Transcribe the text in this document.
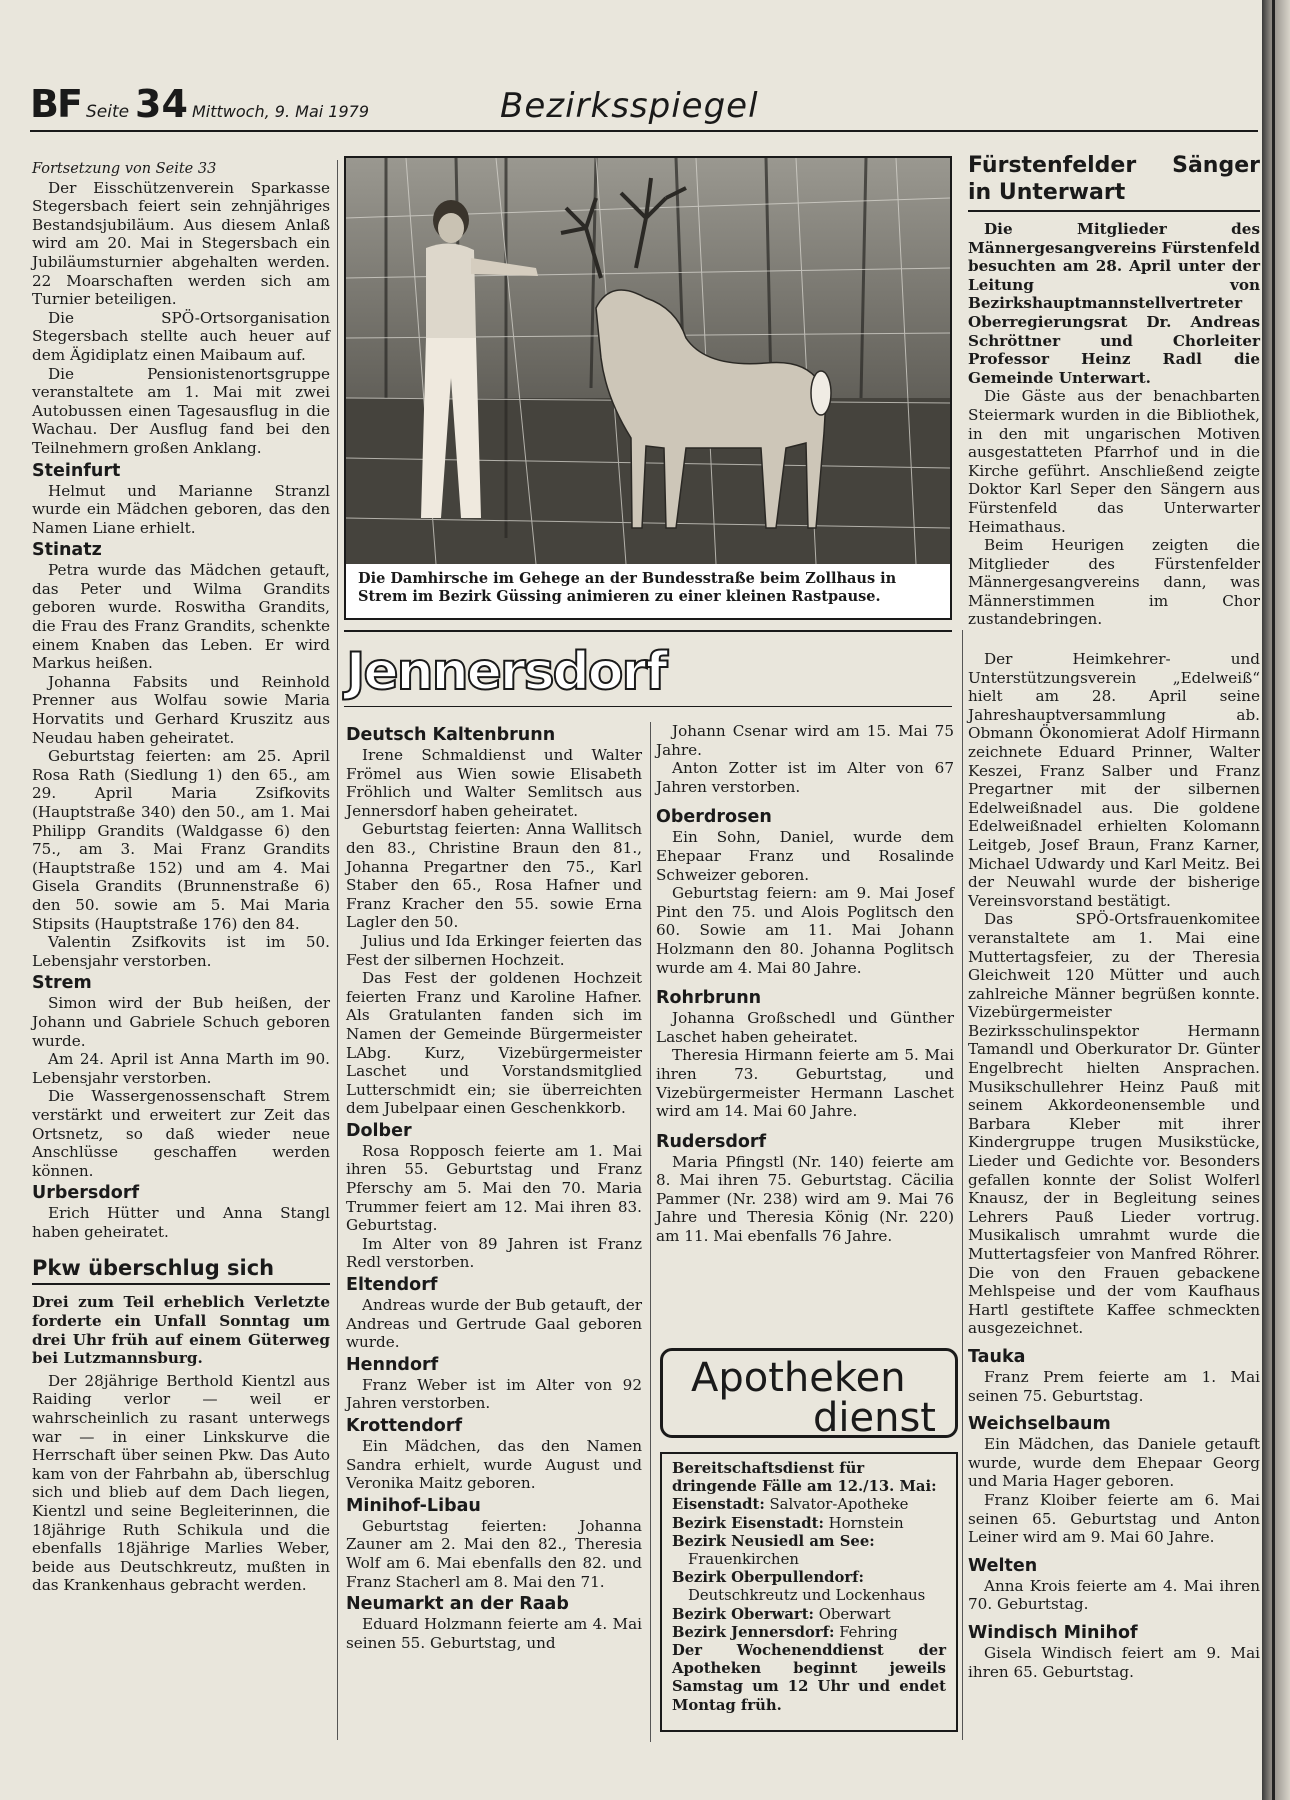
BF Seite 34 Mittwoch, 9. Mai 1979	Bezirksspiegel

Fortsetzung von Seite 33

Der Eisschützenverein Sparkasse Stegersbach feiert sein zehnjähriges Bestandsjubiläum. Aus diesem Anlaß wird am 20. Mai in Stegersbach ein Jubiläumsturnier abgehalten werden. 22 Moarschaften werden sich am Turnier beteiligen.

Die SPÖ-Ortsorganisation Stegersbach stellte auch heuer auf dem Ägidiplatz einen Maibaum auf.

Die Pensionistenortsgruppe veranstaltete am 1. Mai mit zwei Autobussen einen Tagesausflug in die Wachau. Der Ausflug fand bei den Teilnehmern großen Anklang.

Steinfurt

Helmut und Marianne Stranzl wurde ein Mädchen geboren, das den Namen Liane erhielt.

Stinatz

Petra wurde das Mädchen getauft, das Peter und Wilma Grandits geboren wurde. Roswitha Grandits, die Frau des Franz Grandits, schenkte einem Knaben das Leben. Er wird Markus heißen.

Johanna Fabsits und Reinhold Prenner aus Wolfau sowie Maria Horvatits und Gerhard Kruszitz aus Neudau haben geheiratet.

Geburtstag feierten: am 25. April Rosa Rath (Siedlung 1) den 65., am 29. April Maria Zsifkovits (Hauptstraße 340) den 50., am 1. Mai Philipp Grandits (Waldgasse 6) den 75., am 3. Mai Franz Grandits (Hauptstraße 152) und am 4. Mai Gisela Grandits (Brunnenstraße 6) den 50. sowie am 5. Mai Maria Stipsits (Hauptstraße 176) den 84.

Valentin Zsifkovits ist im 50. Lebensjahr verstorben.

Strem

Simon wird der Bub heißen, der Johann und Gabriele Schuch geboren wurde.

Am 24. April ist Anna Marth im 90. Lebensjahr verstorben.

Die Wassergenossenschaft Strem verstärkt und erweitert zur Zeit das Ortsnetz, so daß wieder neue Anschlüsse geschaffen werden können.

Urbersdorf

Erich Hütter und Anna Stangl haben geheiratet.

Pkw überschlug sich

Drei zum Teil erheblich Verletzte forderte ein Unfall Sonntag um drei Uhr früh auf einem Güterweg bei Lutzmannsburg.

Der 28jährige Berthold Kientzl aus Raiding verlor — weil er wahrscheinlich zu rasant unterwegs war — in einer Linkskurve die Herrschaft über seinen Pkw. Das Auto kam von der Fahrbahn ab, überschlug sich und blieb auf dem Dach liegen, Kientzl und seine Begleiterinnen, die 18jährige Ruth Schikula und die ebenfalls 18jährige Marlies Weber, beide aus Deutschkreutz, mußten in das Krankenhaus gebracht werden.

Die Damhirsche im Gehege an der Bundesstraße beim Zollhaus in Strem im Bezirk Güssing animieren zu einer kleinen Rastpause.
Fürstenfelder Sänger in Unterwart

Die Mitglieder des Männergesangvereins Fürstenfeld besuchten am 28. April unter der Leitung von Bezirkshauptmannstellvertreter Oberregierungsrat Dr. Andreas Schröttner und Chorleiter Professor Heinz Radl die Gemeinde Unterwart.

Die Gäste aus der benachbarten Steiermark wurden in die Bibliothek, in den mit ungarischen Motiven ausgestatteten Pfarrhof und in die Kirche geführt. Anschließend zeigte Doktor Karl Seper den Sängern aus Fürstenfeld das Unterwarter Heimathaus.

Beim Heurigen zeigten die Mitglieder des Fürstenfelder Männergesangvereins dann, was Männerstimmen im Chor zustandebringen.

Jennersdorf
Deutsch Kaltenbrunn

Irene Schmaldienst und Walter Frömel aus Wien sowie Elisabeth Fröhlich und Walter Semlitsch aus Jennersdorf haben geheiratet.

Geburtstag feierten: Anna Wallitsch den 83., Christine Braun den 81., Johanna Pregartner den 75., Karl Staber den 65., Rosa Hafner und Franz Kracher den 55. sowie Erna Lagler den 50.

Julius und Ida Erkinger feierten das Fest der silbernen Hochzeit.

Das Fest der goldenen Hochzeit feierten Franz und Karoline Hafner. Als Gratulanten fanden sich im Namen der Gemeinde Bürgermeister LAbg. Kurz, Vizebürgermeister Laschet und Vorstandsmitglied Lutterschmidt ein; sie überreichten dem Jubelpaar einen Geschenkkorb.

Dolber

Rosa Ropposch feierte am 1. Mai ihren 55. Geburtstag und Franz Pferschy am 5. Mai den 70. Maria Trummer feiert am 12. Mai ihren 83. Geburtstag.

Im Alter von 89 Jahren ist Franz Redl verstorben.

Eltendorf

Andreas wurde der Bub getauft, der Andreas und Gertrude Gaal geboren wurde.

Henndorf

Franz Weber ist im Alter von 92 Jahren verstorben.

Krottendorf

Ein Mädchen, das den Namen Sandra erhielt, wurde August und Veronika Maitz geboren.

Minihof-Libau

Geburtstag feierten: Johanna Zauner am 2. Mai den 82., Theresia Wolf am 6. Mai ebenfalls den 82. und Franz Stacherl am 8. Mai den 71.

Neumarkt an der Raab

Eduard Holzmann feierte am 4. Mai seinen 55. Geburtstag, und

Johann Csenar wird am 15. Mai 75 Jahre.

Anton Zotter ist im Alter von 67 Jahren verstorben.

Oberdrosen

Ein Sohn, Daniel, wurde dem Ehepaar Franz und Rosalinde Schweizer geboren.

Geburtstag feiern: am 9. Mai Josef Pint den 75. und Alois Poglitsch den 60. Sowie am 11. Mai Johann Holzmann den 80. Johanna Poglitsch wurde am 4. Mai 80 Jahre.

Rohrbrunn

Johanna Großschedl und Günther Laschet haben geheiratet.

Theresia Hirmann feierte am 5. Mai ihren 73. Geburtstag, und Vizebürgermeister Hermann Laschet wird am 14. Mai 60 Jahre.

Rudersdorf

Maria Pfingstl (Nr. 140) feierte am 8. Mai ihren 75. Geburtstag. Cäcilia Pammer (Nr. 238) wird am 9. Mai 76 Jahre und Theresia König (Nr. 220) am 11. Mai ebenfalls 76 Jahre.

Apotheken
dienst
Bereitschaftsdienst für dringende Fälle am 12./13. Mai:
Eisenstadt: Salvator-Apotheke
Bezirk Eisenstadt: Hornstein
Bezirk Neusiedl am See:
Frauenkirchen
Bezirk Oberpullendorf:
Deutschkreutz und Lockenhaus
Bezirk Oberwart: Oberwart
Bezirk Jennersdorf: Fehring
Der Wochenenddienst der Apotheken beginnt jeweils Samstag um 12 Uhr und endet Montag früh.

Der Heimkehrer- und Unterstützungsverein „Edelweiß“ hielt am 28. April seine Jahreshauptversammlung ab. Obmann Ökonomierat Adolf Hirmann zeichnete Eduard Prinner, Walter Keszei, Franz Salber und Franz Pregartner mit der silbernen Edelweißnadel aus. Die goldene Edelweißnadel erhielten Kolomann Leitgeb, Josef Braun, Franz Karner, Michael Udwardy und Karl Meitz. Bei der Neuwahl wurde der bisherige Vereinsvorstand bestätigt.

Das SPÖ-Ortsfrauenkomitee veranstaltete am 1. Mai eine Muttertagsfeier, zu der Theresia Gleichweit 120 Mütter und auch zahlreiche Männer begrüßen konnte. Vizebürgermeister Bezirksschulinspektor Hermann Tamandl und Oberkurator Dr. Günter Engelbrecht hielten Ansprachen. Musikschullehrer Heinz Pauß mit seinem Akkordeonensemble und Barbara Kleber mit ihrer Kindergruppe trugen Musikstücke, Lieder und Gedichte vor. Besonders gefallen konnte der Solist Wolferl Knausz, der in Begleitung seines Lehrers Pauß Lieder vortrug. Musikalisch umrahmt wurde die Muttertagsfeier von Manfred Röhrer. Die von den Frauen gebackene Mehlspeise und der vom Kaufhaus Hartl gestiftete Kaffee schmeckten ausgezeichnet.

Tauka

Franz Prem feierte am 1. Mai seinen 75. Geburtstag.

Weichselbaum

Ein Mädchen, das Daniele getauft wurde, wurde dem Ehepaar Georg und Maria Hager geboren.

Franz Kloiber feierte am 6. Mai seinen 65. Geburtstag und Anton Leiner wird am 9. Mai 60 Jahre.

Welten

Anna Krois feierte am 4. Mai ihren 70. Geburtstag.

Windisch Minihof

Gisela Windisch feiert am 9. Mai ihren 65. Geburtstag.
